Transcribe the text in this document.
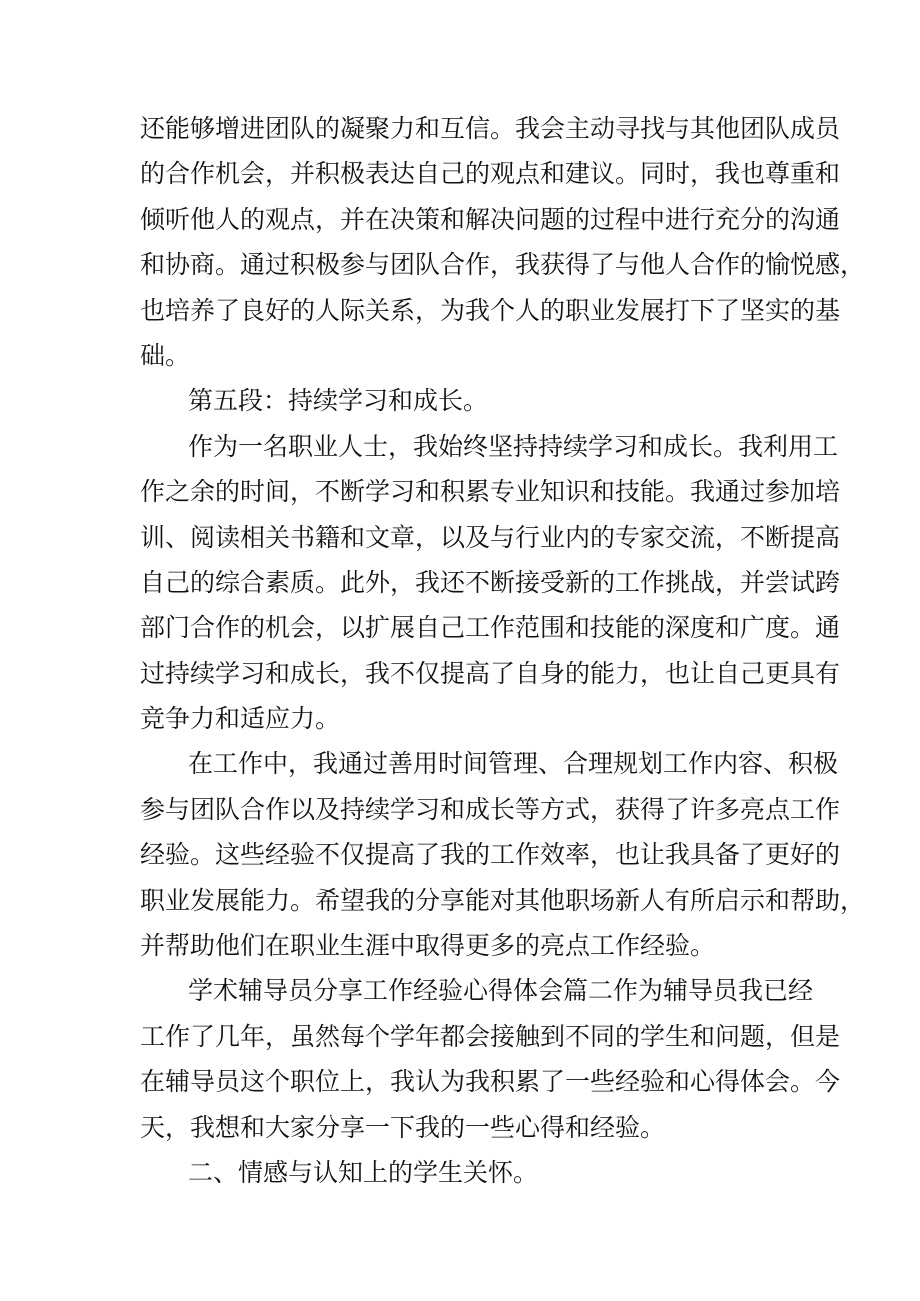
还能够增进团队的凝聚力和互信。我会主动寻找与其他团队成员
的合作机会，并积极表达自己的观点和建议。同时，我也尊重和
倾听他人的观点，并在决策和解决问题的过程中进行充分的沟通
和协商。通过积极参与团队合作，我获得了与他人合作的愉悦感，
也培养了良好的人际关系，为我个人的职业发展打下了坚实的基
础。
第五段：持续学习和成长。
作为一名职业人士，我始终坚持持续学习和成长。我利用工
作之余的时间，不断学习和积累专业知识和技能。我通过参加培
训、阅读相关书籍和文章，以及与行业内的专家交流，不断提高
自己的综合素质。此外，我还不断接受新的工作挑战，并尝试跨
部门合作的机会，以扩展自己工作范围和技能的深度和广度。通
过持续学习和成长，我不仅提高了自身的能力，也让自己更具有
竞争力和适应力。
在工作中，我通过善用时间管理、合理规划工作内容、积极
参与团队合作以及持续学习和成长等方式，获得了许多亮点工作
经验。这些经验不仅提高了我的工作效率，也让我具备了更好的
职业发展能力。希望我的分享能对其他职场新人有所启示和帮助，
并帮助他们在职业生涯中取得更多的亮点工作经验。
学术辅导员分享工作经验心得体会篇二作为辅导员我已经
工作了几年，虽然每个学年都会接触到不同的学生和问题，但是
在辅导员这个职位上，我认为我积累了一些经验和心得体会。今
天，我想和大家分享一下我的一些心得和经验。
二、情感与认知上的学生关怀。
